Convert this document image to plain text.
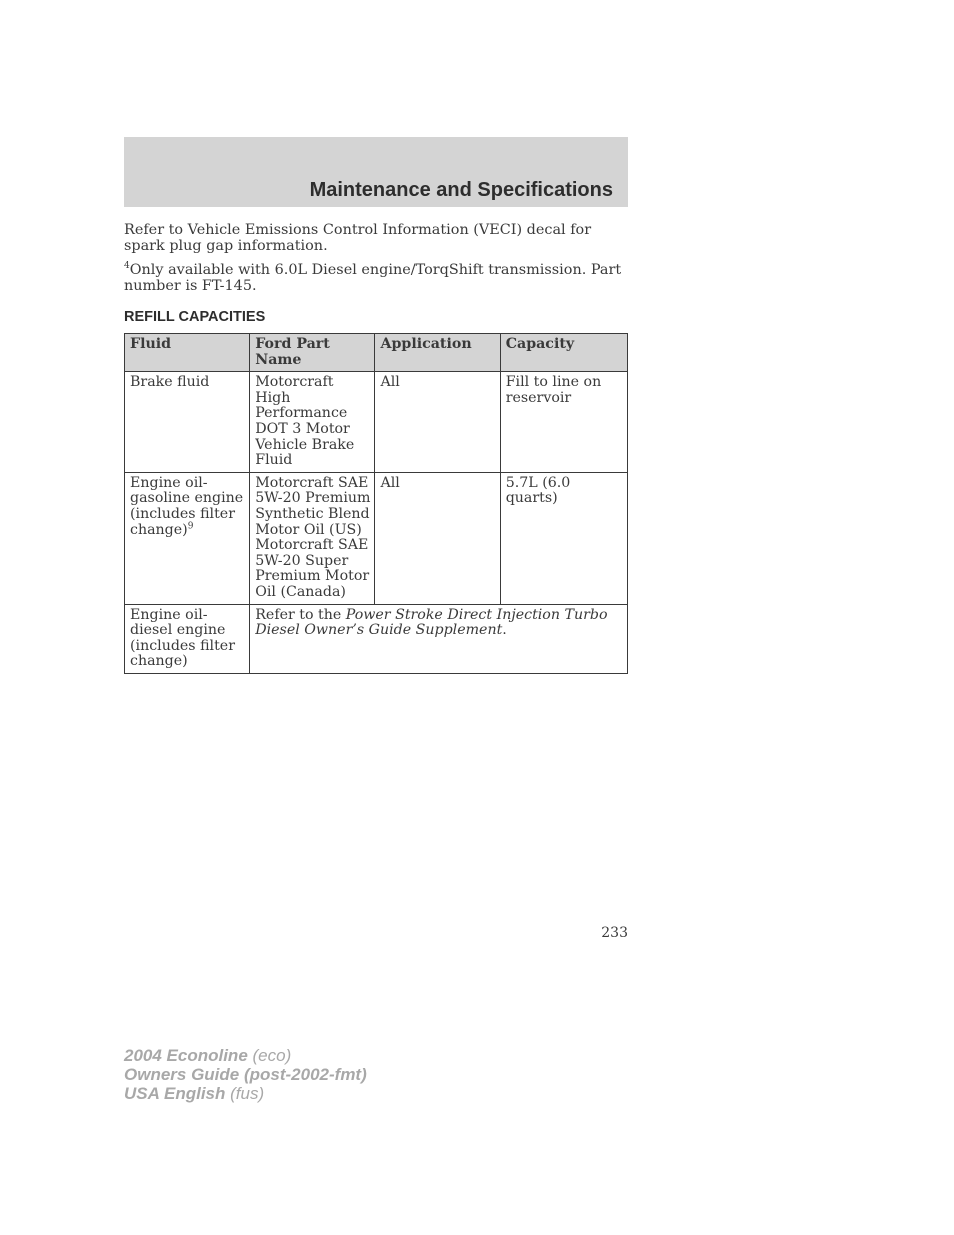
Maintenance and Specifications
Refer to Vehicle Emissions Control Information (VECI) decal for spark plug gap information.
$^4$Only available with 6.0L Diesel engine/TorqShift transmission. Part number is FT-145.
REFILL CAPACITIES
Fluid	Ford Part Name	Application	Capacity
Brake fluid	Motorcraft High Performance DOT 3 Motor Vehicle Brake Fluid	All	Fill to line on reservoir
Engine oil-gasoline engine (includes filter change)$^9$	Motorcraft SAE 5W-20 Premium Synthetic Blend Motor Oil (US) Motorcraft SAE 5W-20 Super Premium Motor Oil (Canada)	All	5.7L (6.0 quarts)
Engine oil-diesel engine (includes filter change)	Refer to the Power Stroke Direct Injection Turbo Diesel Owner’s Guide Supplement.		
233
2004 Econoline (eco)
Owners Guide (post-2002-fmt)
USA English (fus)
